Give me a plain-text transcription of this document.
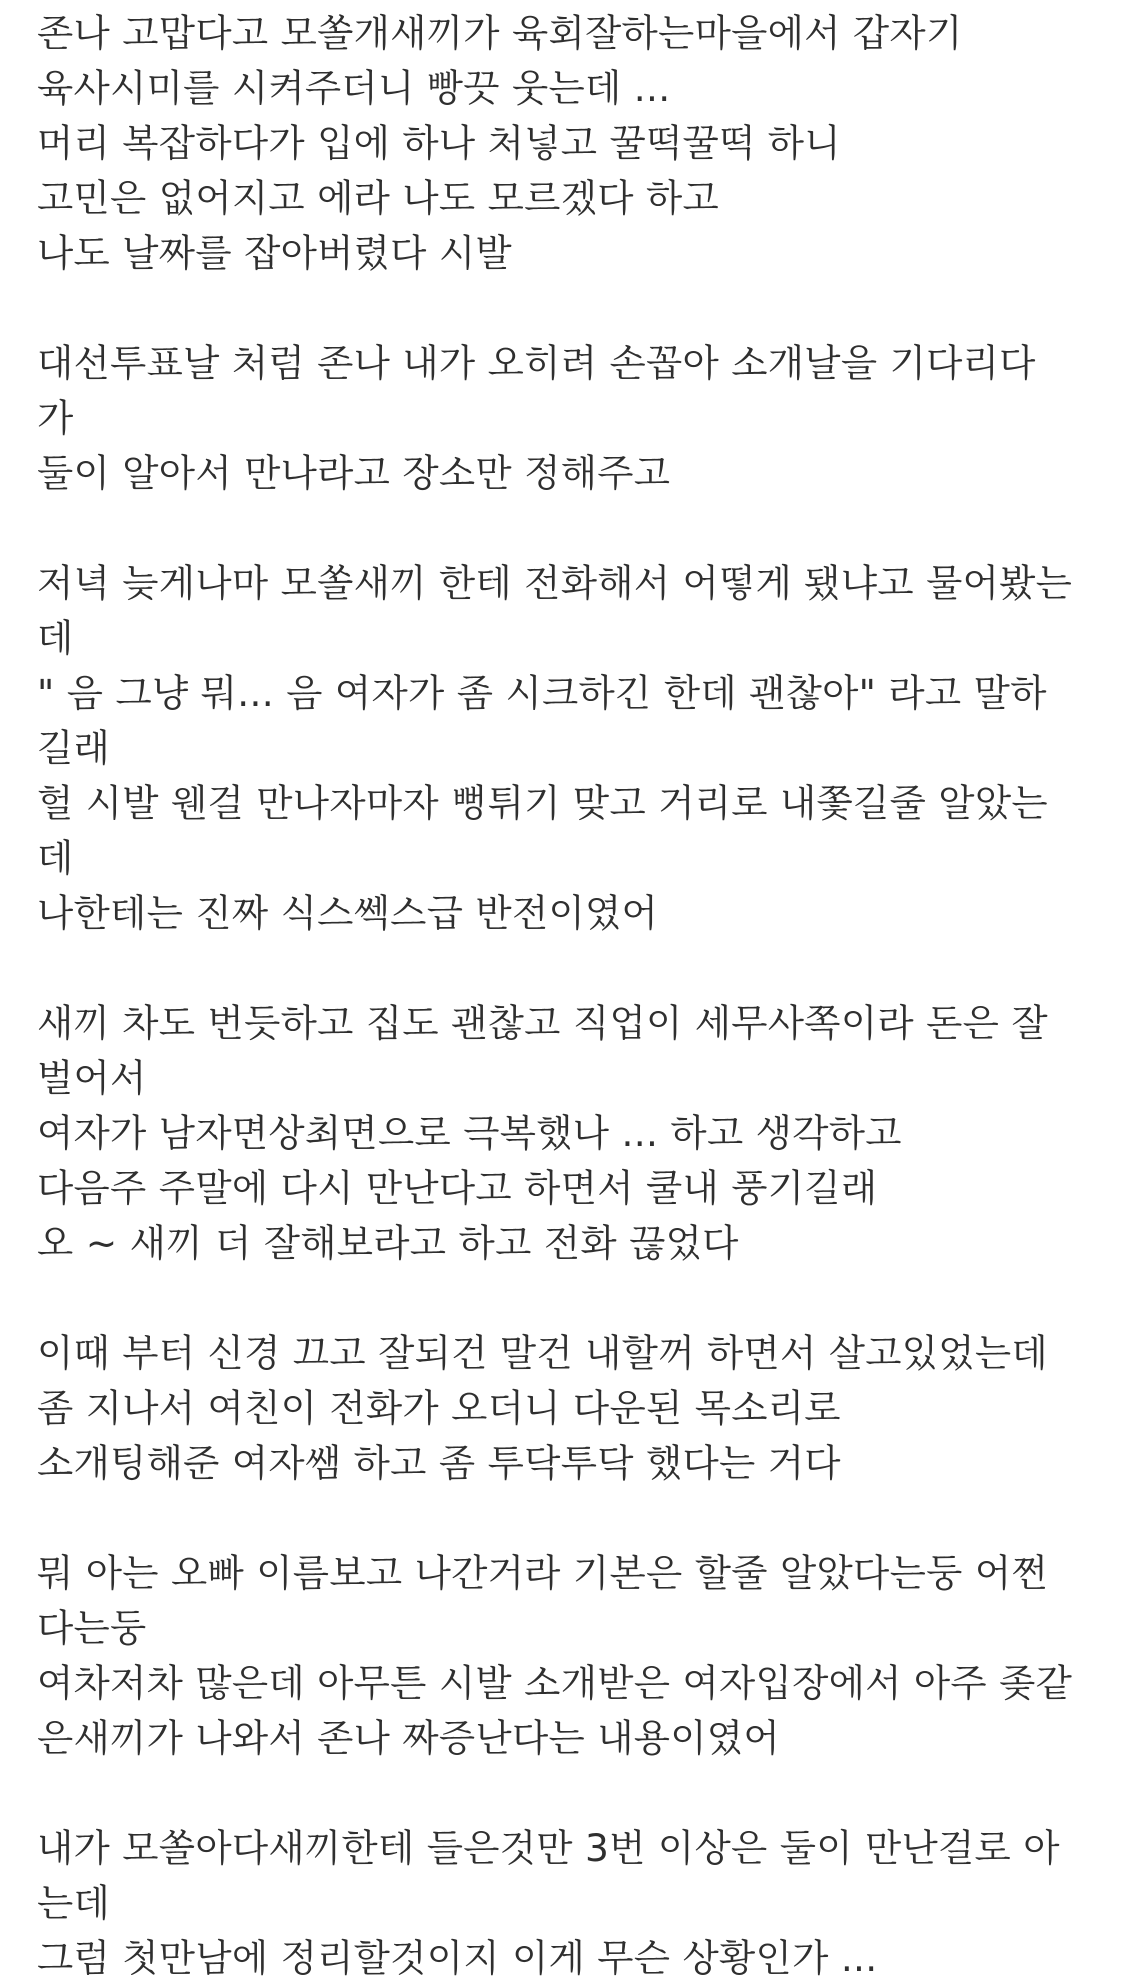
존나 고맙다고 모쏠개새끼가 육회잘하는마을에서 갑자기
육사시미를 시켜주더니 빵끗 웃는데 ...
머리 복잡하다가 입에 하나 처넣고 꿀떡꿀떡 하니
고민은 없어지고 에라 나도 모르겠다 하고
나도 날짜를 잡아버렸다 시발
대선투표날 처럼 존나 내가 오히려 손꼽아 소개날을 기다리다
가
둘이 알아서 만나라고 장소만 정해주고
저녁 늦게나마 모쏠새끼 한테 전화해서 어떻게 됐냐고 물어봤는
데
" 음 그냥 뭐... 음 여자가 좀 시크하긴 한데 괜찮아" 라고 말하
길래
헐 시발 웬걸 만나자마자 뻥튀기 맞고 거리로 내쫓길줄 알았는
데
나한테는 진짜 식스쎅스급 반전이였어
새끼 차도 번듯하고 집도 괜찮고 직업이 세무사쪽이라 돈은 잘
벌어서
여자가 남자면상최면으로 극복했나 ... 하고 생각하고
다음주 주말에 다시 만난다고 하면서 쿨내 풍기길래
오 ~ 새끼 더 잘해보라고 하고 전화 끊었다
이때 부터 신경 끄고 잘되건 말건 내할꺼 하면서 살고있었는데
좀 지나서 여친이 전화가 오더니 다운된 목소리로
소개팅해준 여자쌤 하고 좀 투닥투닥 했다는 거다
뭐 아는 오빠 이름보고 나간거라 기본은 할줄 알았다는둥 어쩐
다는둥
여차저차 많은데 아무튼 시발 소개받은 여자입장에서 아주 좆같
은새끼가 나와서 존나 짜증난다는 내용이였어
내가 모쏠아다새끼한테 들은것만 3번 이상은 둘이 만난걸로 아
는데
그럼 첫만남에 정리할것이지 이게 무슨 상황인가 ...
